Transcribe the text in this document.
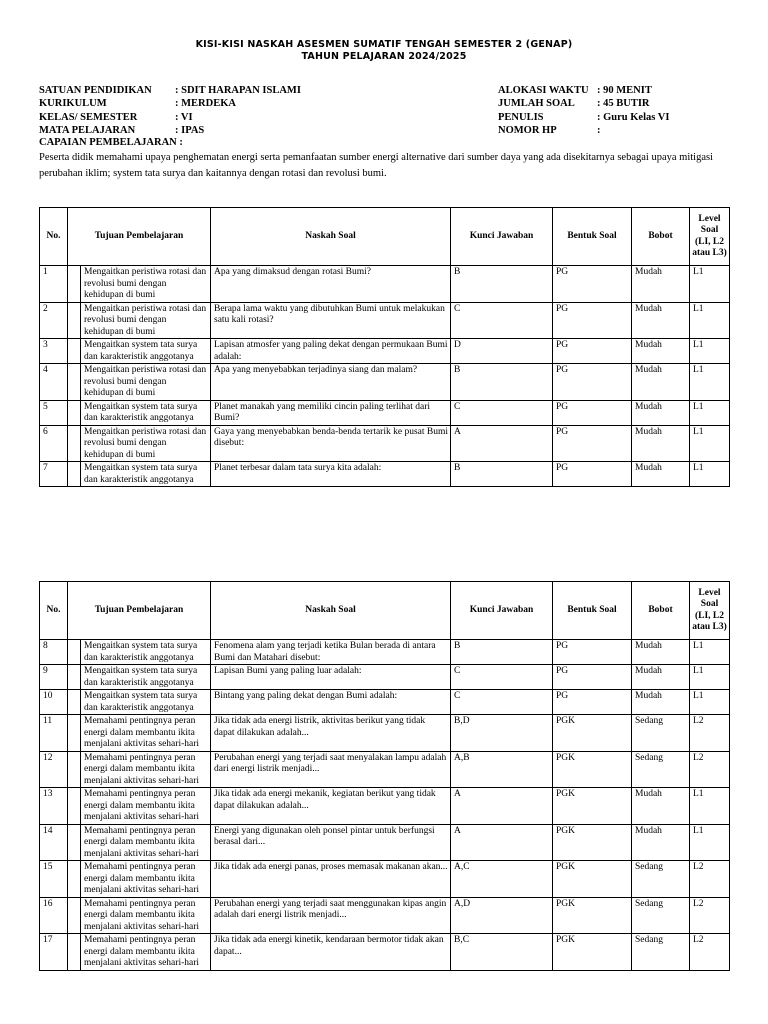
KISI-KISI NASKAH ASESMEN SUMATIF TENGAH SEMESTER 2 (GENAP)
TAHUN PELAJARAN 2024/2025
SATUAN PENDIDIKAN	: SDIT HARAPAN ISLAMI
KURIKULUM	: MERDEKA
KELAS/ SEMESTER	: VI
MATA PELAJARAN	: IPAS
ALOKASI WAKTU : 90 MENIT
JUMLAH SOAL	: 45 BUTIR
PENULIS	: Guru Kelas VI
NOMOR HP	:
CAPAIAN PEMBELAJARAN :
Peserta didik memahami upaya penghematan energi serta pemanfaatan sumber energi alternative dari sumber daya yang ada disekitarnya sebagai upaya mitigasi perubahan iklim; system tata surya dan kaitannya dengan rotasi dan revolusi bumi.
No.	Tujuan Pembelajaran		Naskah Soal	Kunci Jawaban	Bentuk Soal	Bobot	Level Soal (LI, L2 atau L3)
1		Mengaitkan peristiwa rotasi dan revolusi bumi dengan kehidupan di bumi	Apa yang dimaksud dengan rotasi Bumi?	B	PG	Mudah	L1
2		Mengaitkan peristiwa rotasi dan revolusi bumi dengan kehidupan di bumi	Berapa lama waktu yang dibutuhkan Bumi untuk melakukan satu kali rotasi?	C	PG	Mudah	L1
3		Mengaitkan system tata surya dan karakteristik anggotanya	Lapisan atmosfer yang paling dekat dengan permukaan Bumi adalah:	D	PG	Mudah	L1
4		Mengaitkan peristiwa rotasi dan revolusi bumi dengan kehidupan di bumi	Apa yang menyebabkan terjadinya siang dan malam?	B	PG	Mudah	L1
5		Mengaitkan system tata surya dan karakteristik anggotanya	Planet manakah yang memiliki cincin paling terlihat dari Bumi?	C	PG	Mudah	L1
6		Mengaitkan peristiwa rotasi dan revolusi bumi dengan kehidupan di bumi	Gaya yang menyebabkan benda-benda tertarik ke pusat Bumi disebut:	A	PG	Mudah	L1
7		Mengaitkan system tata surya dan karakteristik anggotanya	Planet terbesar dalam tata surya kita adalah:	B	PG	Mudah	L1
No.	Tujuan Pembelajaran		Naskah Soal	Kunci Jawaban	Bentuk Soal	Bobot	Level Soal (LI, L2 atau L3)
8		Mengaitkan system tata surya dan karakteristik anggotanya	Fenomena alam yang terjadi ketika Bulan berada di antara Bumi dan Matahari disebut:	B	PG	Mudah	L1
9		Mengaitkan system tata surya dan karakteristik anggotanya	Lapisan Bumi yang paling luar adalah:	C	PG	Mudah	L1
10		Mengaitkan system tata surya dan karakteristik anggotanya	Bintang yang paling dekat dengan Bumi adalah:	C	PG	Mudah	L1
11		Memahami pentingnya peran energi dalam membantu ikita menjalani aktivitas sehari-hari	Jika tidak ada energi listrik, aktivitas berikut yang tidak dapat dilakukan adalah...	B,D	PGK	Sedang	L2
12		Memahami pentingnya peran energi dalam membantu ikita menjalani aktivitas sehari-hari	Perubahan energi yang terjadi saat menyalakan lampu adalah dari energi listrik menjadi...	A,B	PGK	Sedang	L2
13		Memahami pentingnya peran energi dalam membantu ikita menjalani aktivitas sehari-hari	Jika tidak ada energi mekanik, kegiatan berikut yang tidak dapat dilakukan adalah...	A	PGK	Mudah	L1
14		Memahami pentingnya peran energi dalam membantu ikita menjalani aktivitas sehari-hari	Energi yang digunakan oleh ponsel pintar untuk berfungsi berasal dari...	A	PGK	Mudah	L1
15		Memahami pentingnya peran energi dalam membantu ikita menjalani aktivitas sehari-hari	Jika tidak ada energi panas, proses memasak makanan akan...	A,C	PGK	Sedang	L2
16		Memahami pentingnya peran energi dalam membantu ikita menjalani aktivitas sehari-hari	Perubahan energi yang terjadi saat menggunakan kipas angin adalah dari energi listrik menjadi...	A,D	PGK	Sedang	L2
17		Memahami pentingnya peran energi dalam membantu ikita menjalani aktivitas sehari-hari	Jika tidak ada energi kinetik, kendaraan bermotor tidak akan dapat...	B,C	PGK	Sedang	L2
